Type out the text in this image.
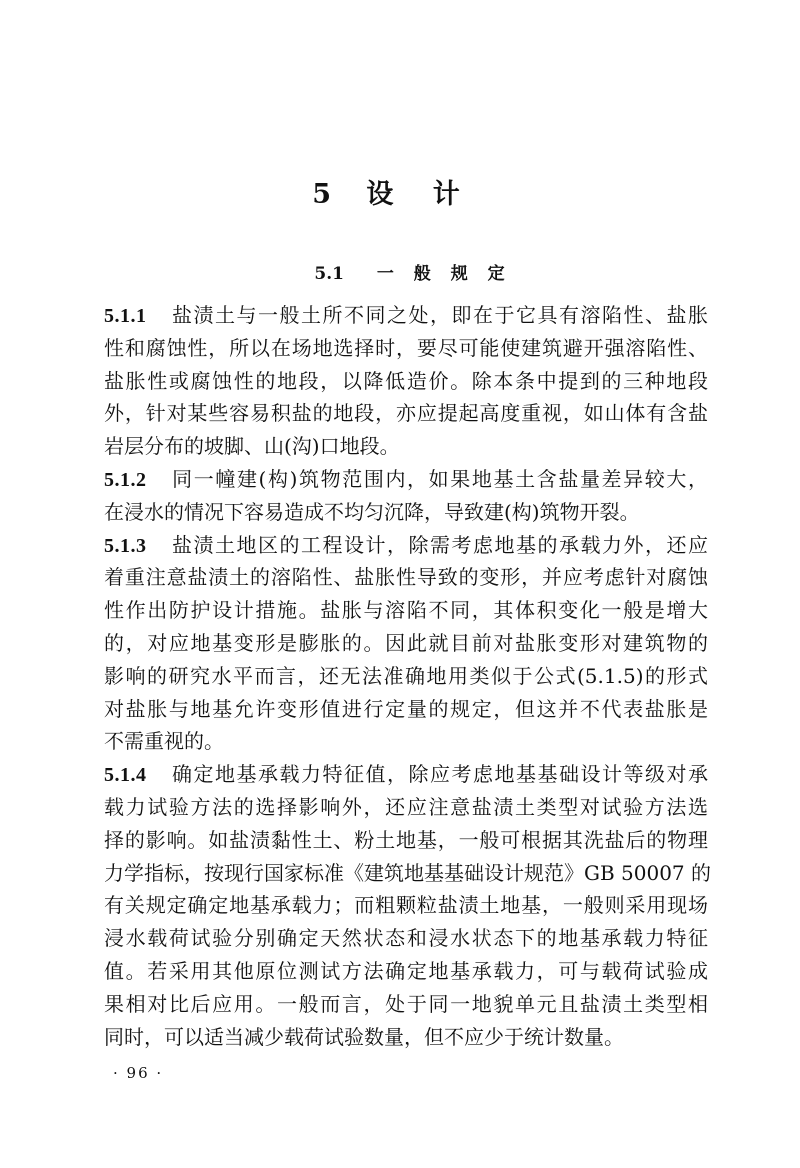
5 设 计
5.1 一 般 规 定
5.1.1 盐渍土与一般土所不同之处，即在于它具有溶陷性、盐胀
性和腐蚀性，所以在场地选择时，要尽可能使建筑避开强溶陷性、
盐胀性或腐蚀性的地段，以降低造价。除本条中提到的三种地段
外，针对某些容易积盐的地段，亦应提起高度重视，如山体有含盐
岩层分布的坡脚、山(沟)口地段。
5.1.2 同一幢建(构)筑物范围内，如果地基土含盐量差异较大，
在浸水的情况下容易造成不均匀沉降，导致建(构)筑物开裂。
5.1.3 盐渍土地区的工程设计，除需考虑地基的承载力外，还应
着重注意盐渍土的溶陷性、盐胀性导致的变形，并应考虑针对腐蚀
性作出防护设计措施。盐胀与溶陷不同，其体积变化一般是增大
的，对应地基变形是膨胀的。因此就目前对盐胀变形对建筑物的
影响的研究水平而言，还无法准确地用类似于公式(5.1.5)的形式
对盐胀与地基允许变形值进行定量的规定，但这并不代表盐胀是
不需重视的。
5.1.4 确定地基承载力特征值，除应考虑地基基础设计等级对承
载力试验方法的选择影响外，还应注意盐渍土类型对试验方法选
择的影响。如盐渍黏性土、粉土地基，一般可根据其洗盐后的物理
力学指标，按现行国家标准《建筑地基基础设计规范》GB 50007 的
有关规定确定地基承载力；而粗颗粒盐渍土地基，一般则采用现场
浸水载荷试验分别确定天然状态和浸水状态下的地基承载力特征
值。若采用其他原位测试方法确定地基承载力，可与载荷试验成
果相对比后应用。一般而言，处于同一地貌单元且盐渍土类型相
同时，可以适当减少载荷试验数量，但不应少于统计数量。
· 96 ·
